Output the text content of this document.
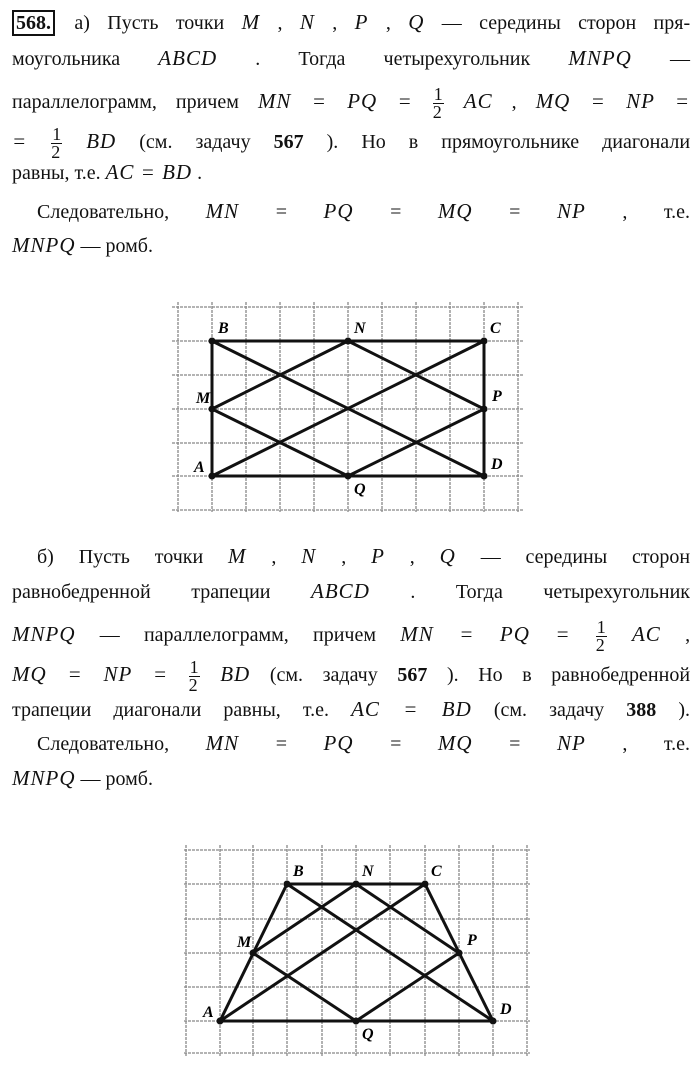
568. а) Пусть точки M , N , P , Q — середины сторон пря-
моугольника ABCD . Тогда четырехугольник MNPQ —
параллелограмм, причем MN = PQ = $\frac{1}{2}$ AC , MQ = NP =
= $\frac{1}{2}$ BD (см. задачу 567 ). Но в прямоугольнике диагонали
равны, т.е. AC = BD .
Следовательно, MN = PQ = MQ = NP , т.е.
MNPQ — ромб.
б) Пусть точки M , N , P , Q — середины сторон
равнобедренной трапеции ABCD . Тогда четырехугольник
MNPQ — параллелограмм, причем MN = PQ = $\frac{1}{2}$ AC ,
MQ = NP = $\frac{1}{2}$ BD (см. задачу 567 ). Но в равнобедренной
трапеции диагонали равны, т.е. AC = BD (см. задачу 388 ).
Следовательно, MN = PQ = MQ = NP , т.е.
MNPQ — ромб.
A
B	C
D
M
N
P
Q
A
B	C
D
M
N
P
Q
